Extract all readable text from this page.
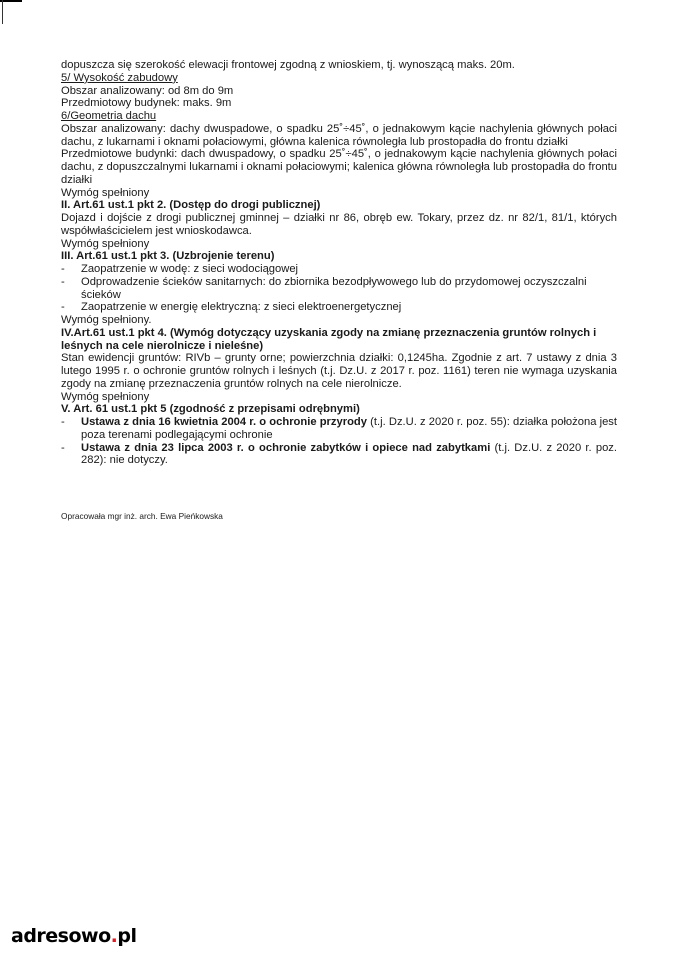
dopuszcza się szerokość elewacji frontowej zgodną z wnioskiem, tj. wynoszącą maks. 20m.

5/ Wysokość zabudowy

Obszar analizowany: od 8m do 9m

Przedmiotowy budynek: maks. 9m

6/Geometria dachu

Obszar analizowany: dachy dwuspadowe, o spadku 25˚÷45˚, o jednakowym kącie nachylenia głównych połaci dachu, z lukarnami i oknami połaciowymi, główna kalenica równoległa lub prostopadła do frontu działki

Przedmiotowe budynki: dach dwuspadowy, o spadku 25˚÷45˚, o jednakowym kącie nachylenia głównych połaci dachu, z dopuszczalnymi lukarnami i oknami połaciowymi; kalenica główna równoległa lub prostopadła do frontu działki

Wymóg spełniony

II. Art.61 ust.1 pkt 2. (Dostęp do drogi publicznej)

Dojazd i dojście z drogi publicznej gminnej – działki nr 86, obręb ew. Tokary, przez dz. nr 82/1, 81/1, których współwłaścicielem jest wnioskodawca.

Wymóg spełniony

III. Art.61 ust.1 pkt 3. (Uzbrojenie terenu)

- Zaopatrzenie w wodę: z sieci wodociągowej
- Odprowadzenie ścieków sanitarnych: do zbiornika bezodpływowego lub do przydomowej oczyszczalni ścieków
- Zaopatrzenie w energię elektryczną: z sieci elektroenergetycznej

Wymóg spełniony.

IV.Art.61 ust.1 pkt 4. (Wymóg dotyczący uzyskania zgody na zmianę przeznaczenia gruntów rolnych i leśnych na cele nierolnicze i nieleśne)

Stan ewidencji gruntów: RIVb – grunty orne; powierzchnia działki: 0,1245ha. Zgodnie z art. 7 ustawy z dnia 3 lutego 1995 r. o ochronie gruntów rolnych i leśnych (t.j. Dz.U. z 2017 r. poz. 1161) teren nie wymaga uzyskania zgody na zmianę przeznaczenia gruntów rolnych na cele nierolnicze.

Wymóg spełniony

V. Art. 61 ust.1 pkt 5 (zgodność z przepisami odrębnymi)

- Ustawa z dnia 16 kwietnia 2004 r. o ochronie przyrody (t.j. Dz.U. z 2020 r. poz. 55): działka położona jest poza terenami podlegającymi ochronie
- Ustawa z dnia 23 lipca 2003 r. o ochronie zabytków i opiece nad zabytkami (t.j. Dz.U. z 2020 r. poz. 282): nie dotyczy.
Opracowała mgr inż. arch. Ewa Pieńkowska
adresowo.pl
